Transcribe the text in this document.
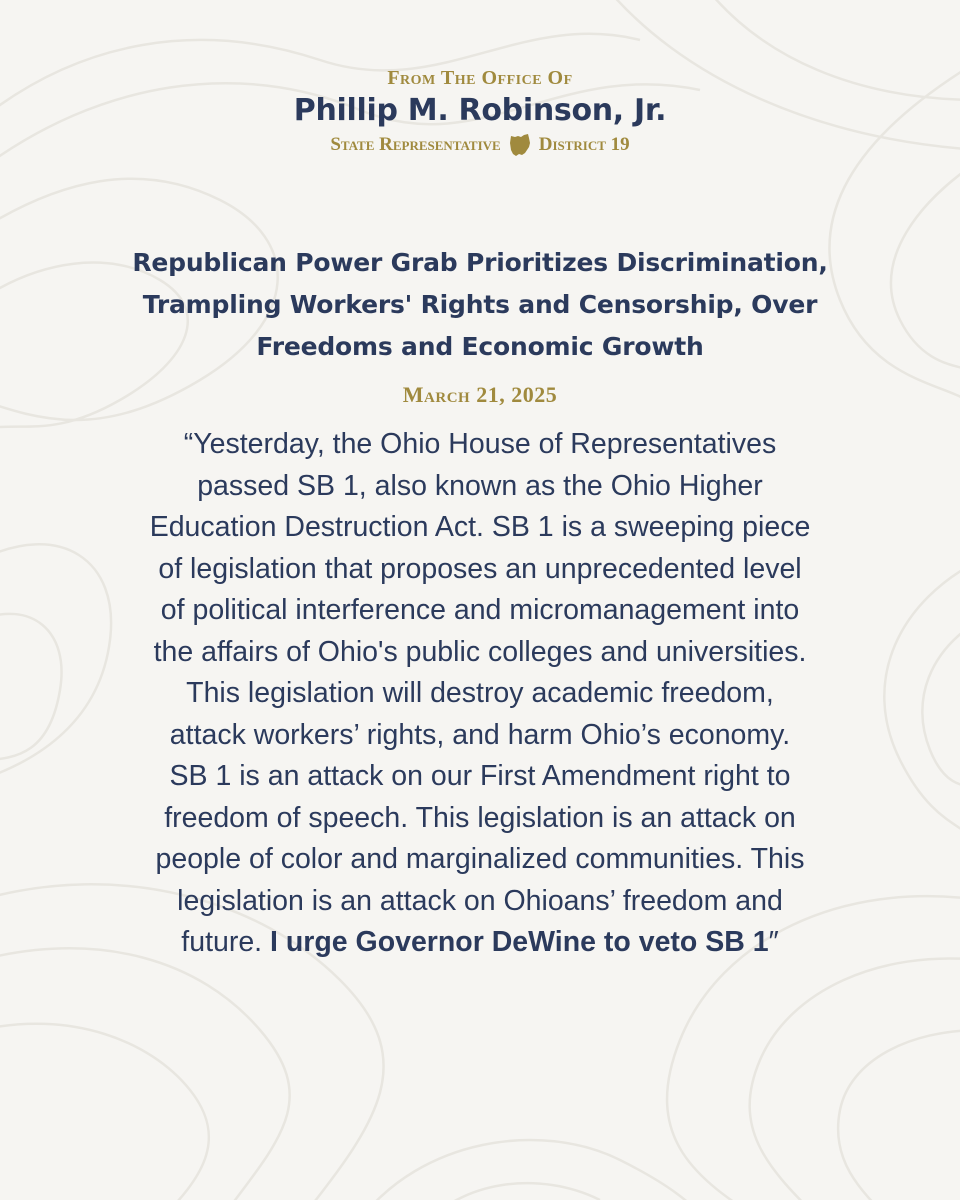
From The Office Of
Phillip M. Robinson, Jr.
State Representative District 19
Republican Power Grab Prioritizes Discrimination,
Trampling Workers' Rights and Censorship, Over
Freedoms and Economic Growth
March 21, 2025
“Yesterday, the Ohio House of Representatives
passed SB 1, also known as the Ohio Higher
Education Destruction Act. SB 1 is a sweeping piece
of legislation that proposes an unprecedented level
of political interference and micromanagement into
the affairs of Ohio's public colleges and universities.
This legislation will destroy academic freedom,
attack workers’ rights, and harm Ohio’s economy.
SB 1 is an attack on our First Amendment right to
freedom of speech. This legislation is an attack on
people of color and marginalized communities. This
legislation is an attack on Ohioans’ freedom and
future. I urge Governor DeWine to veto SB 1″
